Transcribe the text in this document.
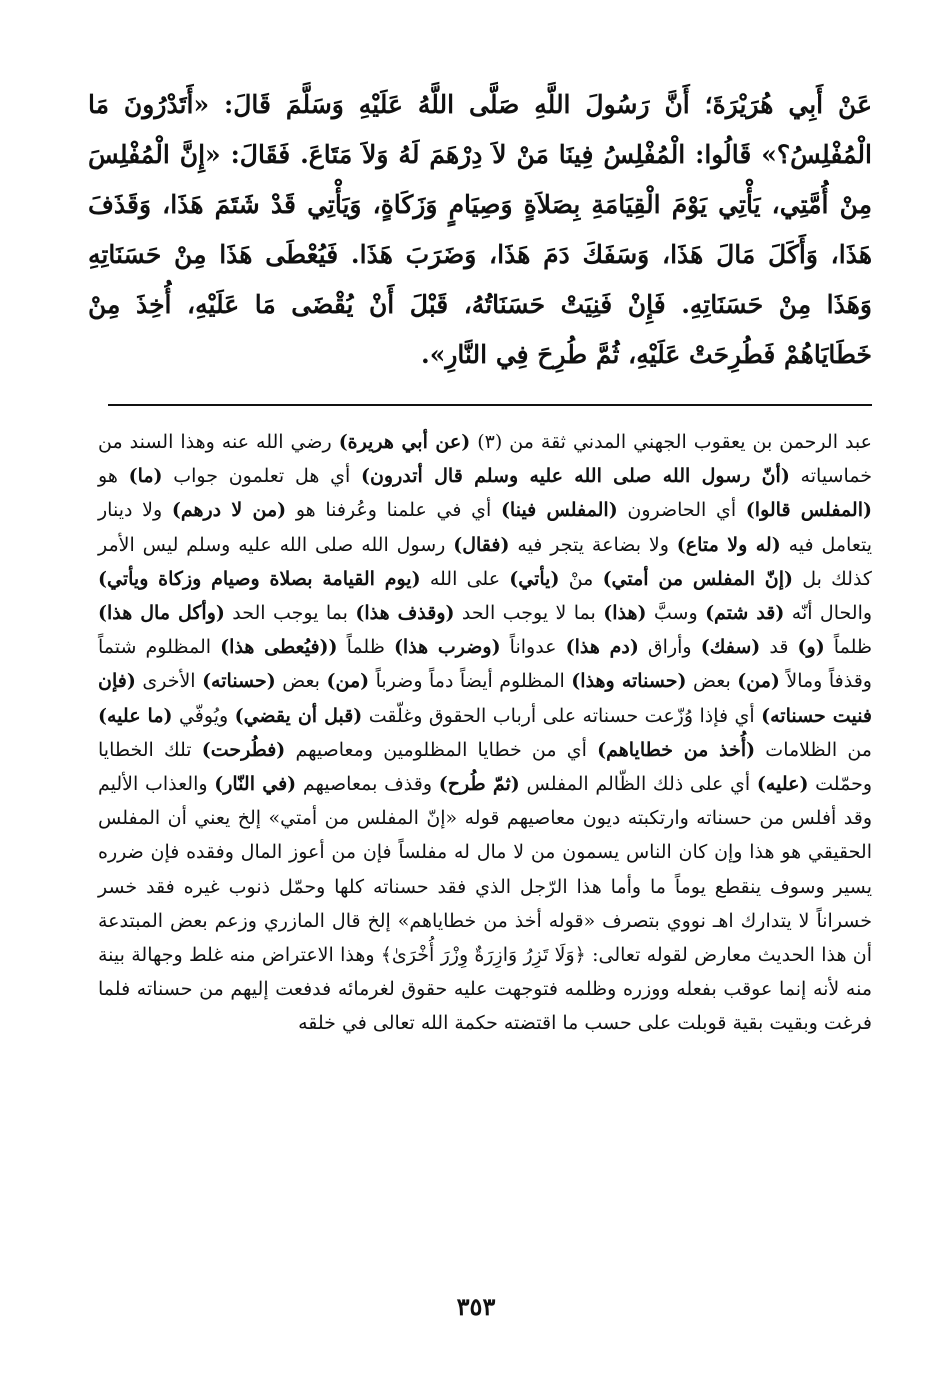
عَنْ أَبِي هُرَيْرَةَ؛ أَنَّ رَسُولَ اللَّهِ صَلَّى اللَّهُ عَلَيْهِ وَسَلَّمَ قَالَ: «أَتَدْرُونَ مَا الْمُفْلِسُ؟» قَالُوا: الْمُفْلِسُ فِينَا مَنْ لاَ دِرْهَمَ لَهُ وَلاَ مَتَاعَ. فَقَالَ: «إِنَّ الْمُفْلِسَ مِنْ أُمَّتِي، يَأْتِي يَوْمَ الْقِيَامَةِ بِصَلاَةٍ وَصِيَامٍ وَزَكَاةٍ، وَيَأْتِي قَدْ شَتَمَ هَذَا، وَقَذَفَ هَذَا، وَأَكَلَ مَالَ هَذَا، وَسَفَكَ دَمَ هَذَا، وَضَرَبَ هَذَا. فَيُعْطَى هَذَا مِنْ حَسَنَاتِهِ وَهَذَا مِنْ حَسَنَاتِهِ. فَإِنْ فَنِيَتْ حَسَنَاتُهُ، قَبْلَ أَنْ يُقْضَى مَا عَلَيْهِ، أُخِذَ مِنْ خَطَايَاهُمْ فَطُرِحَتْ عَلَيْهِ، ثُمَّ طُرِحَ فِي النَّارِ».

عبد الرحمن بن يعقوب الجهني المدني ثقة من (٣) (عن أبي هريرة) رضي الله عنه وهذا السند من خماسياته (أنّ رسول الله صلى الله عليه وسلم قال أتدرون) أي هل تعلمون جواب (ما) هو (المفلس قالوا) أي الحاضرون (المفلس فينا) أي في علمنا وعُرفنا هو (من لا درهم) ولا دينار يتعامل فيه (له ولا متاع) ولا بضاعة يتجر فيه (فقال) رسول الله صلى الله عليه وسلم ليس الأمر كذلك بل (إنّ المفلس من أمتي) منْ (يأتي) على الله (يوم القيامة بصلاة وصيام وزكاة ويأتي) والحال أنّه (قد شتم) وسبَّ (هذا) بما لا يوجب الحد (وقذف هذا) بما يوجب الحد (وأكل مال هذا) ظلماً (و) قد (سفك) وأراق (دم هذا) عدواناً (وضرب هذا) ظلماً ((فيُعطى هذا) المظلوم شتماً وقذفاً ومالاً (من) بعض (حسناته وهذا) المظلوم أيضاً دماً وضرباً (من) بعض (حسناته) الأخرى (فإن فنيت حسناته) أي فإذا وُزّعت حسناته على أرباب الحقوق وغلّقت (قبل أن يقضي) ويُوفّي (ما عليه) من الظلامات (أُخذ من خطاياهم) أي من خطايا المظلومين ومعاصيهم (فطُرحت) تلك الخطايا وحمّلت (عليه) أي على ذلك الظّالم المفلس (ثمّ طُرح) وقذف بمعاصيهم (في النّار) والعذاب الأليم وقد أفلس من حسناته وارتكبته ديون معاصيهم قوله «إنّ المفلس من أمتي» إلخ يعني أن المفلس الحقيقي هو هذا وإن كان الناس يسمون من لا مال له مفلساً فإن من أعوز المال وفقده فإن ضرره يسير وسوف ينقطع يوماً ما وأما هذا الرّجل الذي فقد حسناته كلها وحمّل ذنوب غيره فقد خسر خسراناً لا يتدارك اهـ نووي بتصرف «قوله أخذ من خطاياهم» إلخ قال المازري وزعم بعض المبتدعة أن هذا الحديث معارض لقوله تعالى: ﴿وَلَا تَزِرُ وَازِرَةٌ وِزْرَ أُخْرَىٰ﴾ وهذا الاعتراض منه غلط وجهالة بينة منه لأنه إنما عوقب بفعله ووزره وظلمه فتوجهت عليه حقوق لغرمائه فدفعت إليهم من حسناته فلما فرغت وبقيت بقية قوبلت على حسب ما اقتضته حكمة الله تعالى في خلقه

٣٥٣
